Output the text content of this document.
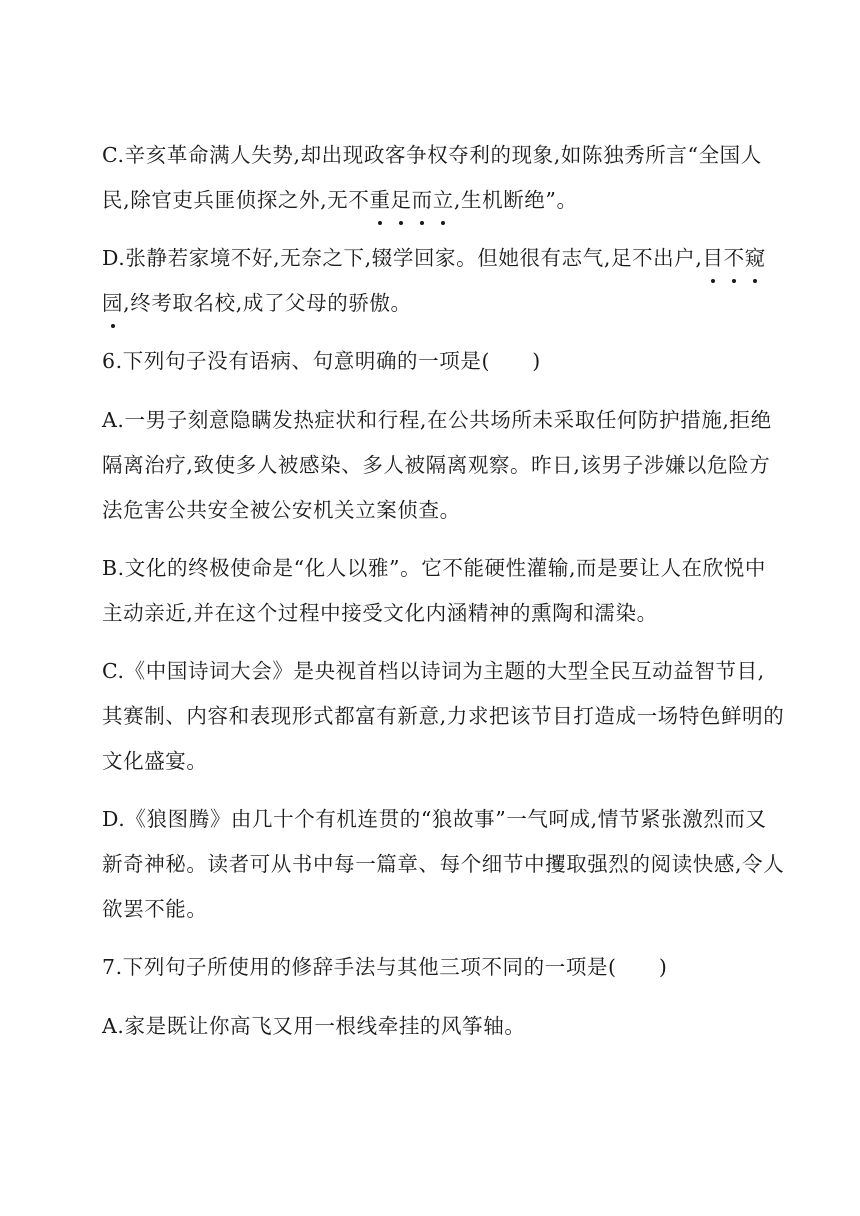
C.辛亥革命满人失势,却出现政客争权夺利的现象,如陈独秀所言“全国人
民,除官吏兵匪侦探之外,无不重足而立,生机断绝”。

D.张静若家境不好,无奈之下,辍学回家。但她很有志气,足不出户,目不窥
园,终考取名校,成了父母的骄傲。

6.下列句子没有语病、句意明确的一项是(　　)

A.一男子刻意隐瞒发热症状和行程,在公共场所未采取任何防护措施,拒绝
隔离治疗,致使多人被感染、多人被隔离观察。昨日,该男子涉嫌以危险方
法危害公共安全被公安机关立案侦查。

B.文化的终极使命是“化人以雅”。它不能硬性灌输,而是要让人在欣悦中
主动亲近,并在这个过程中接受文化内涵精神的熏陶和濡染。

C.《中国诗词大会》是央视首档以诗词为主题的大型全民互动益智节目,
其赛制、内容和表现形式都富有新意,力求把该节目打造成一场特色鲜明的
文化盛宴。

D.《狼图腾》由几十个有机连贯的“狼故事”一气呵成,情节紧张激烈而又
新奇神秘。读者可从书中每一篇章、每个细节中攫取强烈的阅读快感,令人
欲罢不能。

7.下列句子所使用的修辞手法与其他三项不同的一项是(　　)

A.家是既让你高飞又用一根线牵挂的风筝轴。
